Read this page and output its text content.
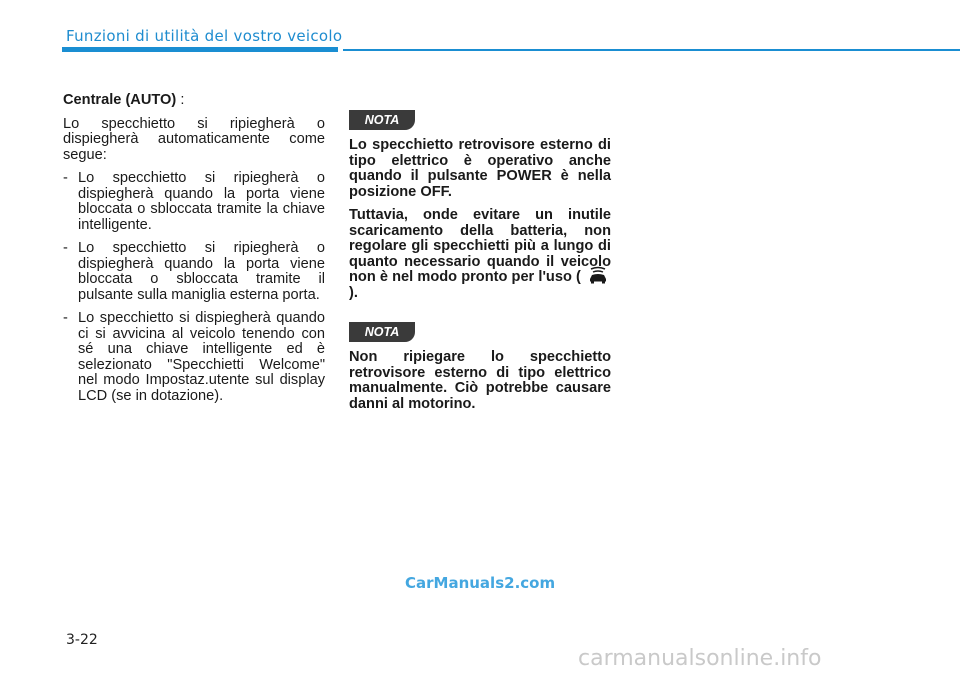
Funzioni di utilità del vostro veicolo

Centrale (AUTO) :

Lo specchietto si ripiegherà o dispiegherà automaticamente come segue:

- Lo specchietto si ripiegherà o dispiegherà quando la porta viene bloccata o sbloccata tramite la chiave intelligente.
- Lo specchietto si ripiegherà o dispiegherà quando la porta viene bloccata o sbloccata tramite il pulsante sulla maniglia esterna porta.
- Lo specchietto si dispiegherà quando ci si avvicina al veicolo tenendo con sé una chiave intelligente ed è selezionato "Specchietti Welcome" nel modo Impostaz.utente sul display LCD (se in dotazione).
NOTA

Lo specchietto retrovisore esterno di tipo elettrico è operativo anche quando il pulsante POWER è nella posizione OFF.

Tuttavia, onde evitare un inutile scaricamento della batteria, non regolare gli specchietti più a lungo di quanto necessario quando il veicolo non è nel modo pronto per l'uso (  ).

NOTA

Non ripiegare lo specchietto retrovisore esterno di tipo elettrico manualmente. Ciò potrebbe causare danni al motorino.

CarManuals2.com
3-22
carmanualsonline.info
